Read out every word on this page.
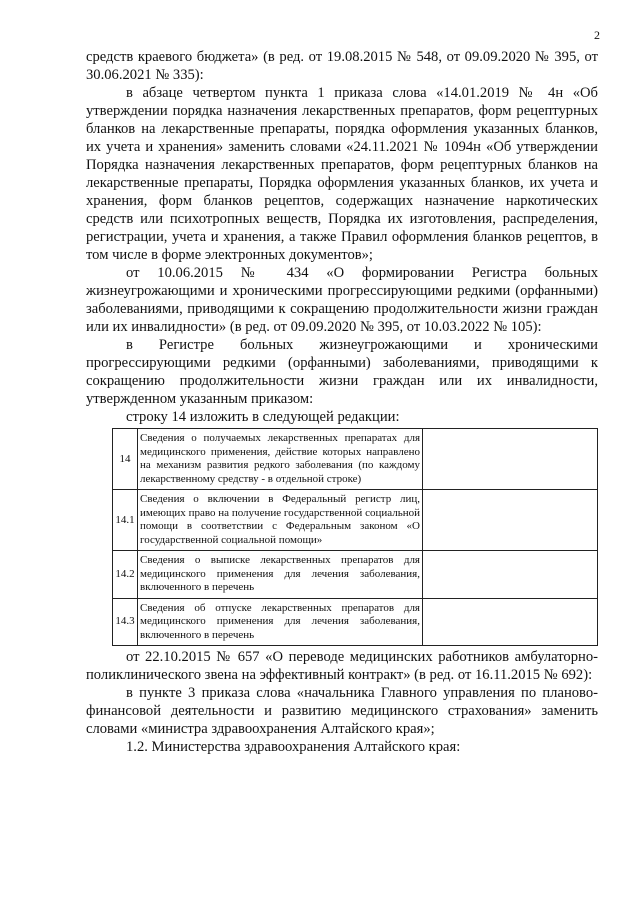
2

средств краевого бюджета» (в ред. от 19.08.2015 № 548, от 09.09.2020 № 395, от 30.06.2021 № 335):

в абзаце четвертом пункта 1 приказа слова «14.01.2019 № 4н «Об утверждении порядка назначения лекарственных препаратов, форм рецептурных бланков на лекарственные препараты, порядка оформления указанных бланков, их учета и хранения» заменить словами «24.11.2021 № 1094н «Об утверждении Порядка назначения лекарственных препаратов, форм рецептурных бланков на лекарственные препараты, Порядка оформления указанных бланков, их учета и хранения, форм бланков рецептов, содержащих назначение наркотических средств или психотропных веществ, Порядка их изготовления, распределения, регистрации, учета и хранения, а также Правил оформления бланков рецептов, в том числе в форме электронных документов»;

от 10.06.2015 № 434 «О формировании Регистра больных жизнеугрожающими и хроническими прогрессирующими редкими (орфанными) заболеваниями, приводящими к сокращению продолжительности жизни граждан или их инвалидности» (в ред. от 09.09.2020 № 395, от 10.03.2022 № 105):

в Регистре больных жизнеугрожающими и хроническими прогрессирующими редкими (орфанными) заболеваниями, приводящими к сокращению продолжительности жизни граждан или их инвалидности, утвержденном указанным приказом:

строку 14 изложить в следующей редакции:

14	Сведения о получаемых лекарственных препаратах для медицинского применения, действие которых направлено на механизм развития редкого заболевания (по каждому лекарственному средству - в отдельной строке)	
14.1	Сведения о включении в Федеральный регистр лиц, имеющих право на получение государственной социальной помощи в соответствии с Федеральным законом «О государственной социальной помощи»	
14.2	Сведения о выписке лекарственных препаратов для медицинского применения для лечения заболевания, включенного в перечень	
14.3	Сведения об отпуске лекарственных препаратов для медицинского применения для лечения заболевания, включенного в перечень	

от 22.10.2015 № 657 «О переводе медицинских работников амбулаторно-поликлинического звена на эффективный контракт» (в ред. от 16.11.2015 № 692):

в пункте 3 приказа слова «начальника Главного управления по планово-финансовой деятельности и развитию медицинского страхования» заменить словами «министра здравоохранения Алтайского края»;

1.2. Министерства здравоохранения Алтайского края:
